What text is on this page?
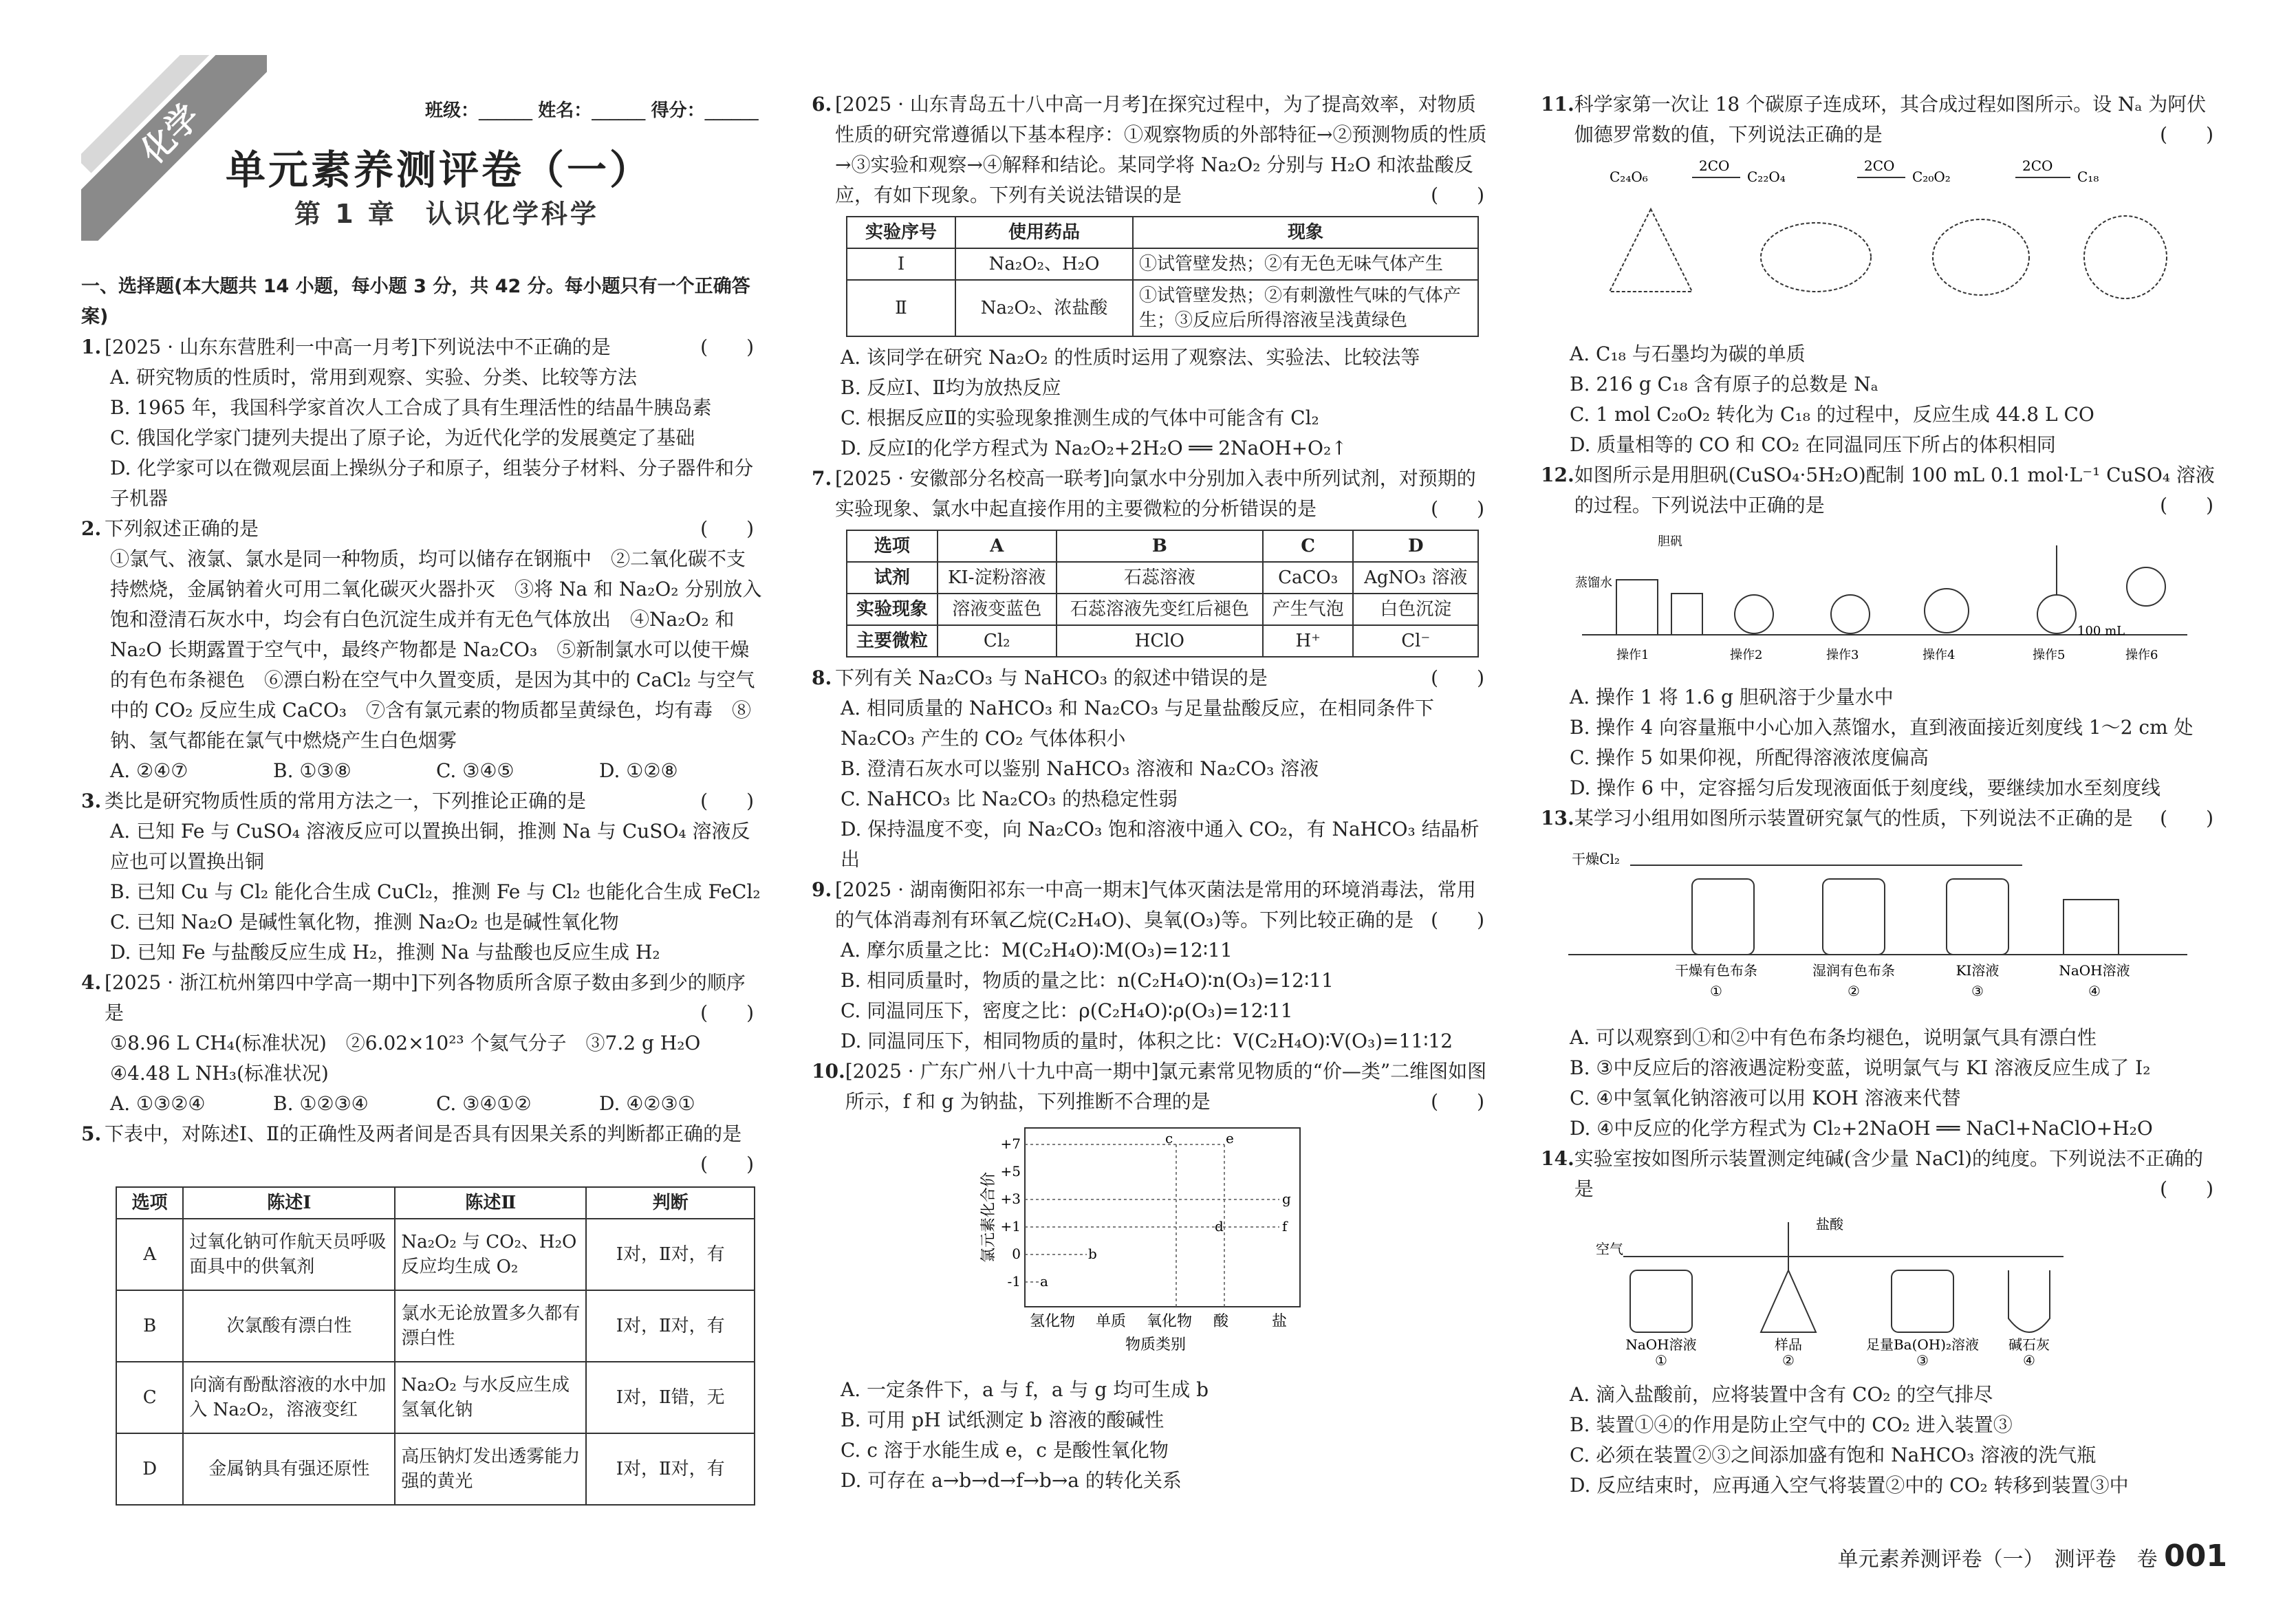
化学	班级：______ 姓名：______ 得分：______
单元素养测评卷（一）
第 1 章　认识化学科学
一、选择题(本大题共 14 小题，每小题 3 分，共 42 分。每小题只有一个正确答案)
1. [2025 · 山东东营胜利一中高一月考]下列说法中不正确的是	(　　)
A. 研究物质的性质时，常用到观察、实验、分类、比较等方法
B. 1965 年，我国科学家首次人工合成了具有生理活性的结晶牛胰岛素
C. 俄国化学家门捷列夫提出了原子论，为近代化学的发展奠定了基础
D. 化学家可以在微观层面上操纵分子和原子，组装分子材料、分子器件和分子机器
2. 下列叙述正确的是	(　　)
①氯气、液氯、氯水是同一种物质，均可以储存在钢瓶中　②二氧化碳不支持燃烧，金属钠着火可用二氧化碳灭火器扑灭　③将 Na 和 Na₂O₂ 分别放入饱和澄清石灰水中，均会有白色沉淀生成并有无色气体放出　④Na₂O₂ 和 Na₂O 长期露置于空气中，最终产物都是 Na₂CO₃　⑤新制氯水可以使干燥的有色布条褪色　⑥漂白粉在空气中久置变质，是因为其中的 CaCl₂ 与空气中的 CO₂ 反应生成 CaCO₃　⑦含有氯元素的物质都呈黄绿色，均有毒　⑧钠、氢气都能在氯气中燃烧产生白色烟雾
A. ②④⑦	B. ①③⑧	C. ③④⑤	D. ①②⑧
3. 类比是研究物质性质的常用方法之一，下列推论正确的是	(　　)
A. 已知 Fe 与 CuSO₄ 溶液反应可以置换出铜，推测 Na 与 CuSO₄ 溶液反应也可以置换出铜
B. 已知 Cu 与 Cl₂ 能化合生成 CuCl₂，推测 Fe 与 Cl₂ 也能化合生成 FeCl₂
C. 已知 Na₂O 是碱性氧化物，推测 Na₂O₂ 也是碱性氧化物
D. 已知 Fe 与盐酸反应生成 H₂，推测 Na 与盐酸也反应生成 H₂
4. [2025 · 浙江杭州第四中学高一期中]下列各物质所含原子数由多到少的顺序是	(　　)
①8.96 L CH₄(标准状况)　②6.02×10²³ 个氦气分子　③7.2 g H₂O
④4.48 L NH₃(标准状况)
A. ①③②④	B. ①②③④	C. ③④①②	D. ④②③①
5. 下表中，对陈述Ⅰ、Ⅱ的正确性及两者间是否具有因果关系的判断都正确的是
(　　)
选项	陈述Ⅰ	陈述Ⅱ	判断
A	过氧化钠可作航天员呼吸面具中的供氧剂	Na₂O₂ 与 CO₂、H₂O 反应均生成 O₂	Ⅰ对，Ⅱ对，有
B	次氯酸有漂白性	氯水无论放置多久都有漂白性	Ⅰ对，Ⅱ对，有
C	向滴有酚酞溶液的水中加入 Na₂O₂，溶液变红	Na₂O₂ 与水反应生成氢氧化钠	Ⅰ对，Ⅱ错，无
D	金属钠具有强还原性	高压钠灯发出透雾能力强的黄光	Ⅰ对，Ⅱ对，有
6. [2025 · 山东青岛五十八中高一月考]在探究过程中，为了提高效率，对物质性质的研究常遵循以下基本程序：①观察物质的外部特征→②预测物质的性质→③实验和观察→④解释和结论。某同学将 Na₂O₂ 分别与 H₂O 和浓盐酸反应，有如下现象。下列有关说法错误的是	(　　)
实验序号	使用药品	现象
Ⅰ	Na₂O₂、H₂O	①试管壁发热；②有无色无味气体产生
Ⅱ	Na₂O₂、浓盐酸	①试管壁发热；②有刺激性气味的气体产生；③反应后所得溶液呈浅黄绿色
A. 该同学在研究 Na₂O₂ 的性质时运用了观察法、实验法、比较法等
B. 反应Ⅰ、Ⅱ均为放热反应
C. 根据反应Ⅱ的实验现象推测生成的气体中可能含有 Cl₂
D. 反应Ⅰ的化学方程式为 Na₂O₂+2H₂O ══ 2NaOH+O₂↑
7. [2025 · 安徽部分名校高一联考]向氯水中分别加入表中所列试剂，对预期的实验现象、氯水中起直接作用的主要微粒的分析错误的是	(　　)
选项	A	B	C	D
试剂	KI-淀粉溶液	石蕊溶液	CaCO₃	AgNO₃ 溶液
实验现象	溶液变蓝色	石蕊溶液先变红后褪色	产生气泡	白色沉淀
主要微粒	Cl₂	HClO	H⁺	Cl⁻
8. 下列有关 Na₂CO₃ 与 NaHCO₃ 的叙述中错误的是	(　　)
A. 相同质量的 NaHCO₃ 和 Na₂CO₃ 与足量盐酸反应，在相同条件下 Na₂CO₃ 产生的 CO₂ 气体体积小
B. 澄清石灰水可以鉴别 NaHCO₃ 溶液和 Na₂CO₃ 溶液
C. NaHCO₃ 比 Na₂CO₃ 的热稳定性弱
D. 保持温度不变，向 Na₂CO₃ 饱和溶液中通入 CO₂，有 NaHCO₃ 结晶析出
9. [2025 · 湖南衡阳祁东一中高一期末]气体灭菌法是常用的环境消毒法，常用的气体消毒剂有环氧乙烷(C₂H₄O)、臭氧(O₃)等。下列比较正确的是 (　　)
A. 摩尔质量之比：M(C₂H₄O)∶M(O₃)=12∶11
B. 相同质量时，物质的量之比：n(C₂H₄O)∶n(O₃)=12∶11
C. 同温同压下，密度之比：ρ(C₂H₄O)∶ρ(O₃)=12∶11
D. 同温同压下，相同物质的量时，体积之比：V(C₂H₄O)∶V(O₃)=11∶12
10. [2025 · 广东广州八十九中高一期中]氯元素常见物质的“价—类”二维图如图所示，f 和 g 为钠盐，下列推断不合理的是	(　　)
氯元素化合价
+7
+5
+3
+1
0
-1 a
b
c
d
e
f
g
氢化物 单质 氧化物 酸	盐
物质类别
A. 一定条件下，a 与 f，a 与 g 均可生成 b
B. 可用 pH 试纸测定 b 溶液的酸碱性
C. c 溶于水能生成 e，c 是酸性氧化物
D. 可存在 a→b→d→f→b→a 的转化关系
11. 科学家第一次让 18 个碳原子连成环，其合成过程如图所示。设 Nₐ 为阿伏伽德罗常数的值，下列说法正确的是	(　　)
C₂₄O₆
2CO
C₂₂O₄
2CO
C₂₀O₂
2CO
C₁₈
A. C₁₈ 与石墨均为碳的单质
B. 216 g C₁₈ 含有原子的总数是 Nₐ
C. 1 mol C₂₀O₂ 转化为 C₁₈ 的过程中，反应生成 44.8 L CO
D. 质量相等的 CO 和 CO₂ 在同温同压下所占的体积相同
12. 如图所示是用胆矾(CuSO₄·5H₂O)配制 100 mL 0.1 mol·L⁻¹ CuSO₄ 溶液的过程。下列说法中正确的是	(　　)
胆矾
蒸馏水
100 mL
操作1	操作2	操作3	操作4	操作5	操作6
A. 操作 1 将 1.6 g 胆矾溶于少量水中
B. 操作 4 向容量瓶中小心加入蒸馏水，直到液面接近刻度线 1～2 cm 处
C. 操作 5 如果仰视，所配得溶液浓度偏高
D. 操作 6 中，定容摇匀后发现液面低于刻度线，要继续加水至刻度线
13. 某学习小组用如图所示装置研究氯气的性质，下列说法不正确的是 (　　)
干燥Cl₂
干燥有色布条	湿润有色布条	KI溶液	NaOH溶液
①	②	③	④
A. 可以观察到①和②中有色布条均褪色，说明氯气具有漂白性
B. ③中反应后的溶液遇淀粉变蓝，说明氯气与 KI 溶液反应生成了 I₂
C. ④中氢氧化钠溶液可以用 KOH 溶液来代替
D. ④中反应的化学方程式为 Cl₂+2NaOH ══ NaCl+NaClO+H₂O
14. 实验室按如图所示装置测定纯碱(含少量 NaCl)的纯度。下列说法不正确的是	(　　)
空气
盐酸
NaOH溶液	样品	足量Ba(OH)₂溶液 碱石灰
①	②	③	④
A. 滴入盐酸前，应将装置中含有 CO₂ 的空气排尽
B. 装置①④的作用是防止空气中的 CO₂ 进入装置③
C. 必须在装置②③之间添加盛有饱和 NaHCO₃ 溶液的洗气瓶
D. 反应结束时，应再通入空气将装置②中的 CO₂ 转移到装置③中
单元素养测评卷（一）　测评卷　卷 001
